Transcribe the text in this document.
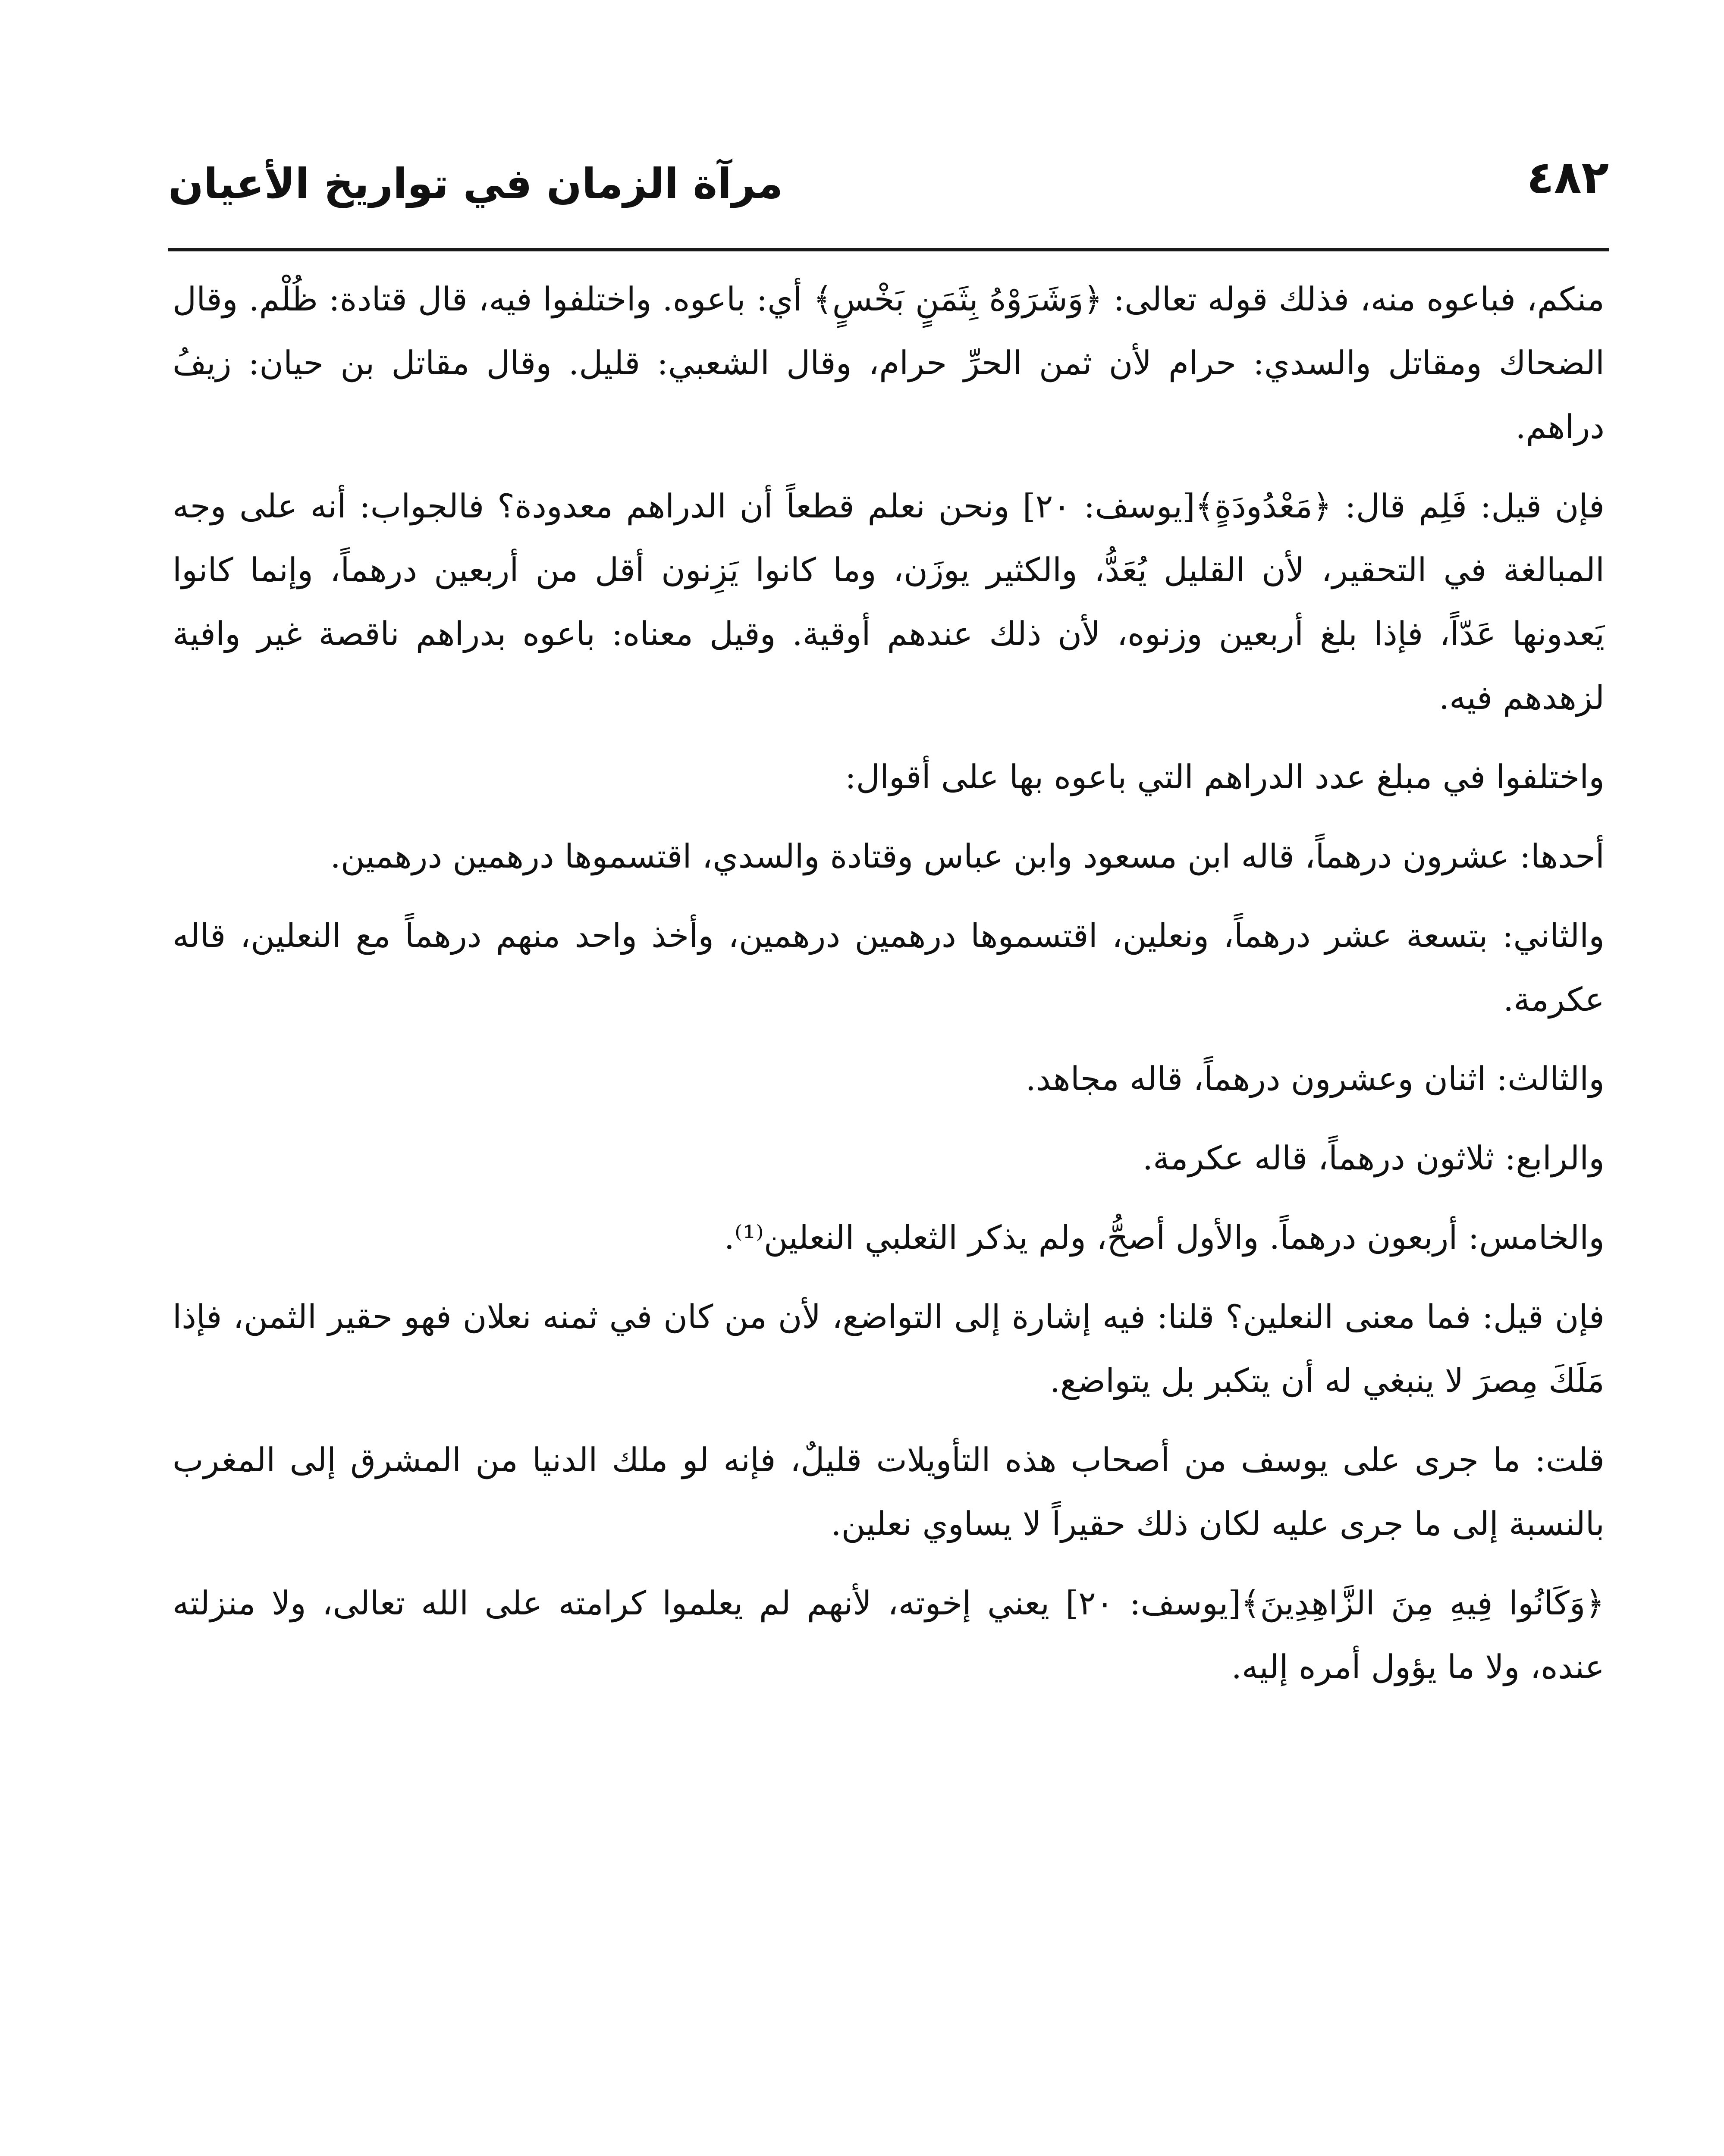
٤٨٢
مرآة الزمان في تواريخ الأعيان

منكم، فباعوه منه، فذلك قوله تعالى: ﴿وَشَرَوْهُ بِثَمَنٍ بَخْسٍ﴾ أي: باعوه. واختلفوا فيه، قال قتادة: ظُلْم. وقال الضحاك ومقاتل والسدي: حرام لأن ثمن الحرِّ حرام، وقال الشعبي: قليل. وقال مقاتل بن حيان: زيفُ دراهم.

فإن قيل: فَلِم قال: ﴿مَعْدُودَةٍ﴾[يوسف: ٢٠] ونحن نعلم قطعاً أن الدراهم معدودة؟ فالجواب: أنه على وجه المبالغة في التحقير، لأن القليل يُعَدُّ، والكثير يوزَن، وما كانوا يَزِنون أقل من أربعين درهماً، وإنما كانوا يَعدونها عَدّاً، فإذا بلغ أربعين وزنوه، لأن ذلك عندهم أوقية. وقيل معناه: باعوه بدراهم ناقصة غير وافية لزهدهم فيه.

واختلفوا في مبلغ عدد الدراهم التي باعوه بها على أقوال:

أحدها: عشرون درهماً، قاله ابن مسعود وابن عباس وقتادة والسدي، اقتسموها درهمين درهمين.

والثاني: بتسعة عشر درهماً، ونعلين، اقتسموها درهمين درهمين، وأخذ واحد منهم درهماً مع النعلين، قاله عكرمة.

والثالث: اثنان وعشرون درهماً، قاله مجاهد.

والرابع: ثلاثون درهماً، قاله عكرمة.

والخامس: أربعون درهماً. والأول أصحُّ، ولم يذكر الثعلبي النعلين⁽¹⁾.

فإن قيل: فما معنى النعلين؟ قلنا: فيه إشارة إلى التواضع، لأن من كان في ثمنه نعلان فهو حقير الثمن، فإذا مَلَكَ مِصرَ لا ينبغي له أن يتكبر بل يتواضع.

قلت: ما جرى على يوسف من أصحاب هذه التأويلات قليلٌ، فإنه لو ملك الدنيا من المشرق إلى المغرب بالنسبة إلى ما جرى عليه لكان ذلك حقيراً لا يساوي نعلين.

﴿وَكَانُوا فِيهِ مِنَ الزَّاهِدِينَ﴾[يوسف: ٢٠] يعني إخوته، لأنهم لم يعلموا كرامته على الله تعالى، ولا منزلته عنده، ولا ما يؤول أمره إليه.
